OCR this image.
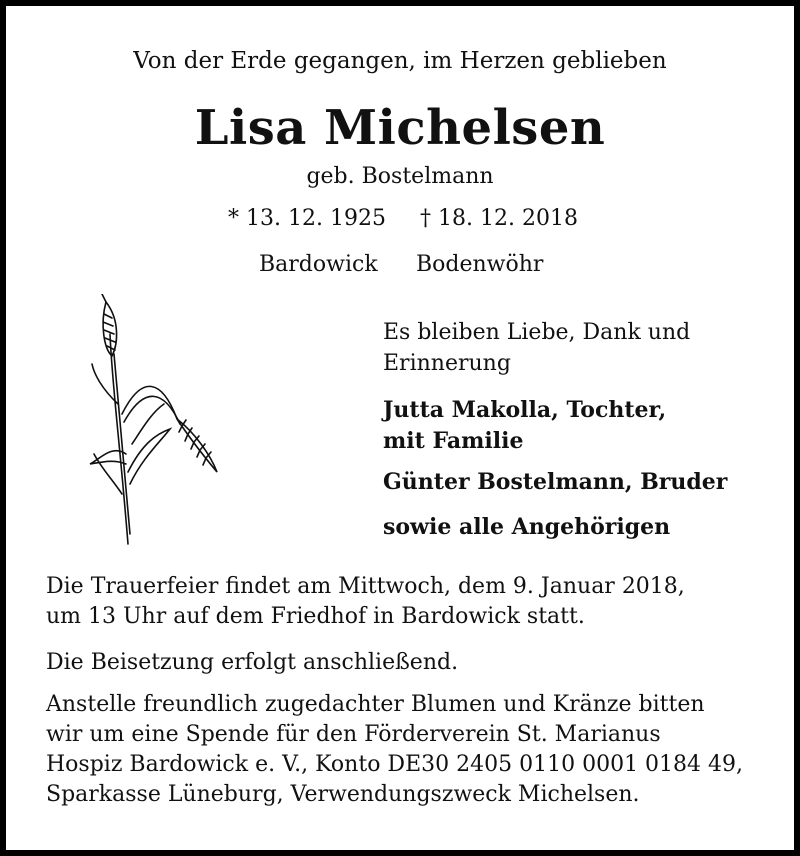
Von der Erde gegangen, im Herzen geblieben
Lisa Michelsen
geb. Bostelmann
* 13. 12. 1925 † 18. 12. 2018
Bardowick Bodenwöhr
Es bleiben Liebe, Dank und
Erinnerung
Jutta Makolla, Tochter,
mit Familie
Günter Bostelmann, Bruder
sowie alle Angehörigen
Die Trauerfeier findet am Mittwoch, dem 9. Januar 2018,
um 13 Uhr auf dem Friedhof in Bardowick statt.
Die Beisetzung erfolgt anschließend.
Anstelle freundlich zugedachter Blumen und Kränze bitten
wir um eine Spende für den Förderverein St. Marianus
Hospiz Bardowick e. V., Konto DE30 2405 0110 0001 0184 49,
Sparkasse Lüneburg, Verwendungszweck Michelsen.
